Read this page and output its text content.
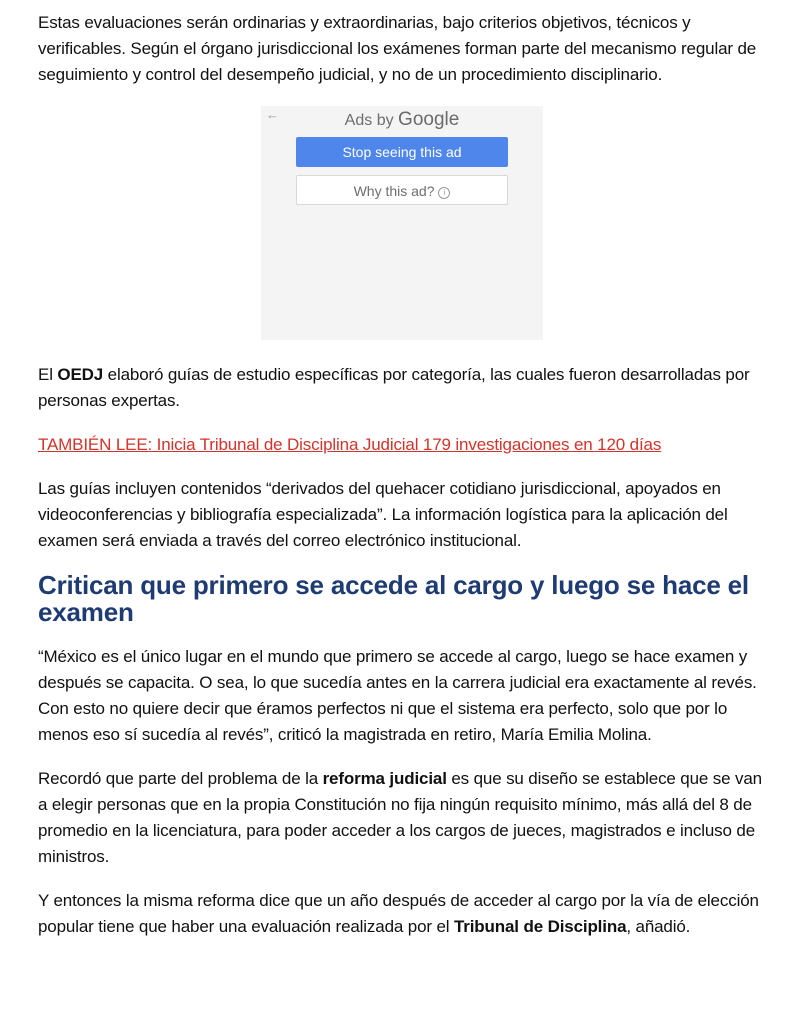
Estas evaluaciones serán ordinarias y extraordinarias, bajo criterios objetivos, técnicos y verificables. Según el órgano jurisdiccional los exámenes forman parte del mecanismo regular de seguimiento y control del desempeño judicial, y no de un procedimiento disciplinario.

←	Ads by Google
Stop seeing this ad
Why this ad? i

El OEDJ elaboró guías de estudio específicas por categoría, las cuales fueron desarrolladas por personas expertas.

TAMBIÉN LEE: Inicia Tribunal de Disciplina Judicial 179 investigaciones en 120 días

Las guías incluyen contenidos “derivados del quehacer cotidiano jurisdiccional, apoyados en videoconferencias y bibliografía especializada”. La información logística para la aplicación del examen será enviada a través del correo electrónico institucional.

Critican que primero se accede al cargo y luego se hace el examen

“México es el único lugar en el mundo que primero se accede al cargo, luego se hace examen y después se capacita. O sea, lo que sucedía antes en la carrera judicial era exactamente al revés. Con esto no quiere decir que éramos perfectos ni que el sistema era perfecto, solo que por lo menos eso sí sucedía al revés”, criticó la magistrada en retiro, María Emilia Molina.

Recordó que parte del problema de la reforma judicial es que su diseño se establece que se van a elegir personas que en la propia Constitución no fija ningún requisito mínimo, más allá del 8 de promedio en la licenciatura, para poder acceder a los cargos de jueces, magistrados e incluso de ministros.

Y entonces la misma reforma dice que un año después de acceder al cargo por la vía de elección popular tiene que haber una evaluación realizada por el Tribunal de Disciplina, añadió.
